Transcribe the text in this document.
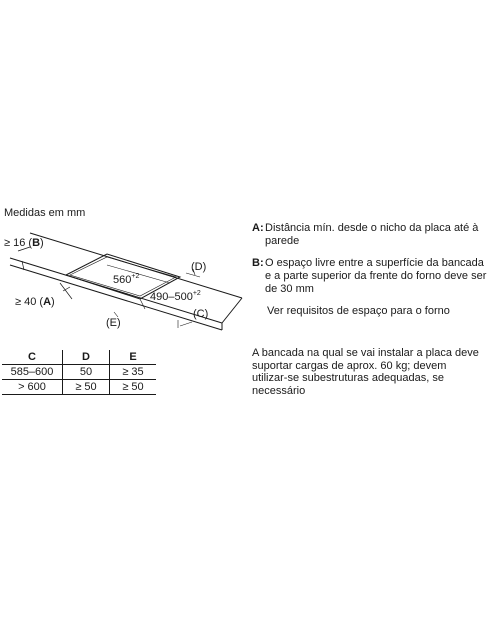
Medidas em mm
≥ 16 (B)
≥ 40 (A)
$560^{+2}$
$490-500^{+2}$
(D)
(E)
(C)
C	D	E
585–600	50	≥ 35
> 600	≥ 50	≥ 50
A: Distância mín. desde o nicho da placa até à parede
B: O espaço livre entre a superfície da bancada e a parte superior da frente do forno deve ser de 30 mm
Ver requisitos de espaço para o forno
A bancada na qual se vai instalar a placa deve suportar cargas de aprox. 60 kg; devem utilizar-se subestruturas adequadas, se necessário
